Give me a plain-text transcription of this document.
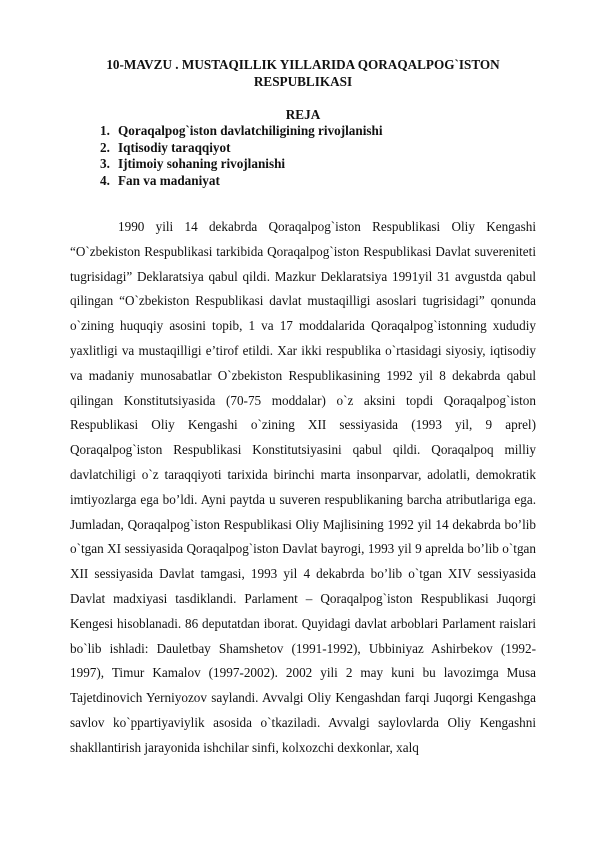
10-MAVZU . MUSTAQILLIK YILLARIDA QORAQALPOG`ISTON RESPUBLIKASI
REJA
1. Qoraqalpog`iston davlatchiligining rivojlanishi
2. Iqtisodiy taraqqiyot
3. Ijtimoiy sohaning rivojlanishi
4. Fan va madaniyat

1990 yili 14 dekabrda Qoraqalpog`iston Respublikasi Oliy Kengashi “O`zbekiston Respublikasi tarkibida Qoraqalpog`iston Respublikasi Davlat suvereniteti tugrisidagi” Deklaratsiya qabul qildi. Mazkur Deklaratsiya 1991yil 31 avgustda qabul qilingan “O`zbekiston Respublikasi davlat mustaqilligi asoslari tugrisidagi” qonunda o`zining huquqiy asosini topib, 1 va 17 moddalarida Qoraqalpog`istonning xududiy yaxlitligi va mustaqilligi e’tirof etildi. Xar ikki respublika o`rtasidagi siyosiy, iqtisodiy va madaniy munosabatlar O`zbekiston Respublikasining 1992 yil 8 dekabrda qabul qilingan Konstitutsiyasida (70-75 moddalar) o`z aksini topdi Qoraqalpog`iston Respublikasi Oliy Kengashi o`zining XII sessiyasida (1993 yil, 9 aprel) Qoraqalpog`iston Respublikasi Konstitutsiyasini qabul qildi. Qoraqalpoq milliy davlatchiligi o`z taraqqiyoti tarixida birinchi marta insonparvar, adolatli, demokratik imtiyozlarga ega bo’ldi. Ayni paytda u suveren respublikaning barcha atributlariga ega. Jumladan, Qoraqalpog`iston Respublikasi Oliy Majlisining 1992 yil 14 dekabrda bo’lib o`tgan XI sessiyasida Qoraqalpog`iston Davlat bayrogi, 1993 yil 9 aprelda bo’lib o`tgan XII sessiyasida Davlat tamgasi, 1993 yil 4 dekabrda bo’lib o`tgan XIV sessiyasida Davlat madxiyasi tasdiklandi. Parlament – Qoraqalpog`iston Respublikasi Juqorgi Kengesi hisoblanadi. 86 deputatdan iborat. Quyidagi davlat arboblari Parlament raislari bo`lib ishladi: Dauletbay Shamshetov (1991-1992), Ubbiniyaz Ashirbekov (1992-1997), Timur Kamalov (1997-2002). 2002 yili 2 may kuni bu lavozimga Musa Tajetdinovich Yerniyozov saylandi. Avvalgi Oliy Kengashdan farqi Juqorgi Kengashga savlov ko`ppartiyaviylik asosida o`tkaziladi. Avvalgi saylovlarda Oliy Kengashni shakllantirish jarayonida ishchilar sinfi, kolxozchi dexkonlar, xalq
